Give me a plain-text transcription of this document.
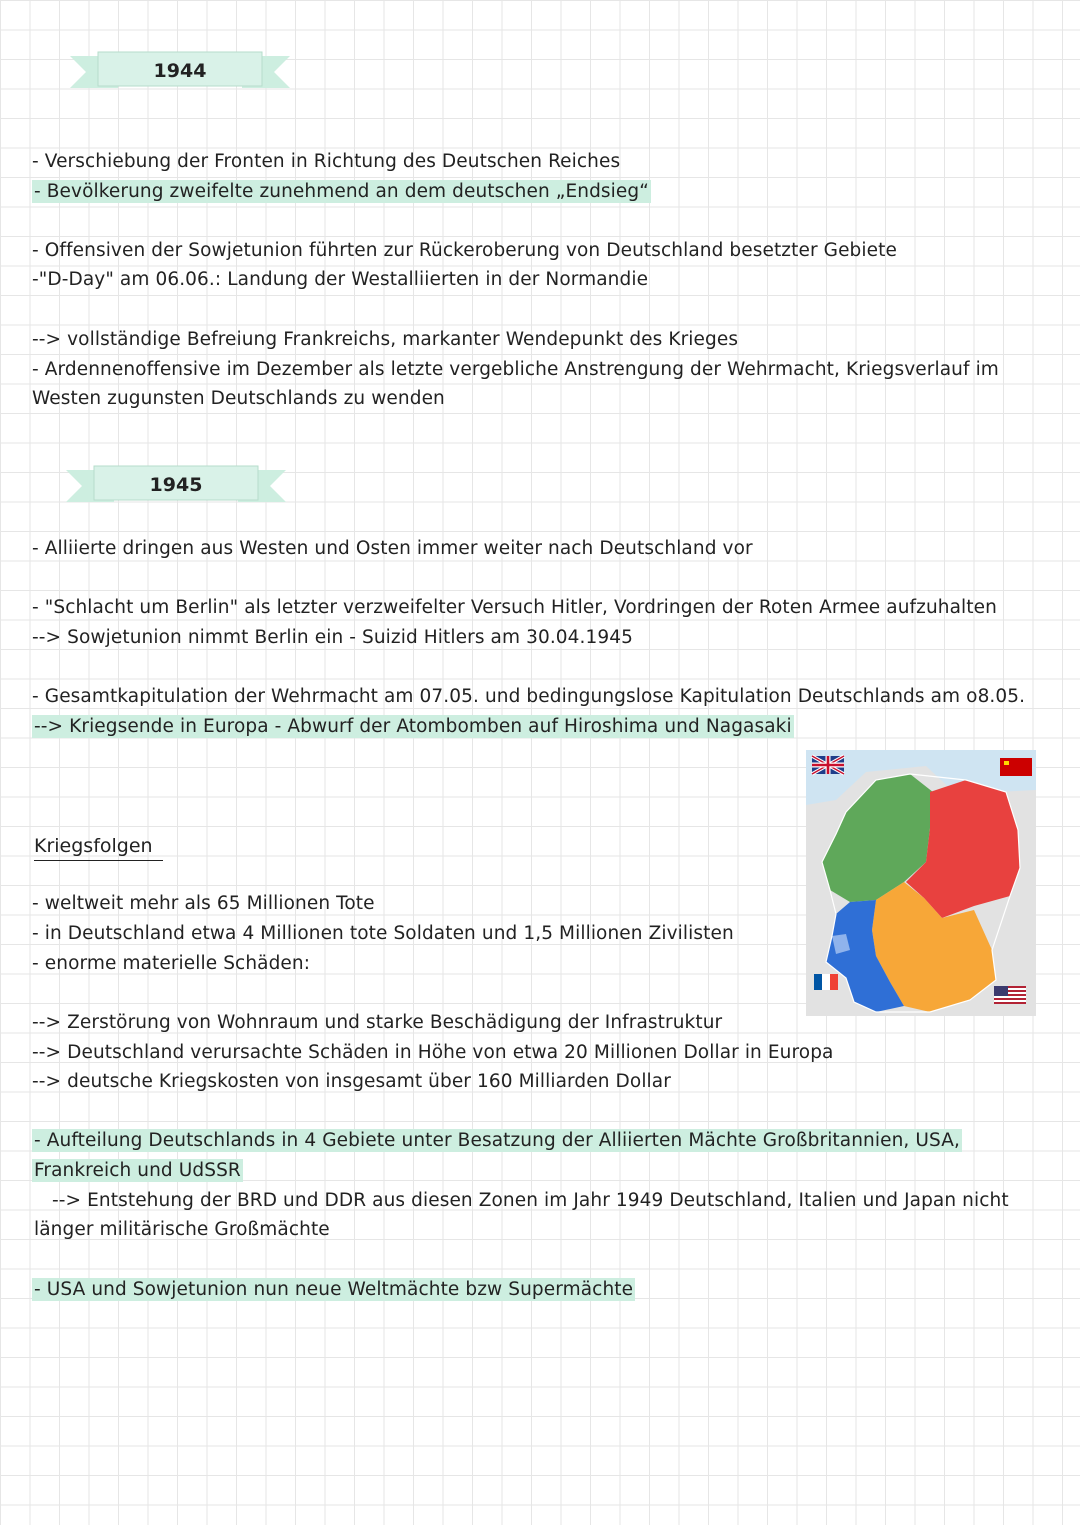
1944
- Verschiebung der Fronten in Richtung des Deutschen Reiches
- Bevölkerung zweifelte zunehmend an dem deutschen „Endsieg“
- Offensiven der Sowjetunion führten zur Rückeroberung von Deutschland besetzter Gebiete
-"D-Day" am 06.06.: Landung der Westalliierten in der Normandie
--> vollständige Befreiung Frankreichs, markanter Wendepunkt des Krieges
- Ardennenoffensive im Dezember als letzte vergebliche Anstrengung der Wehrmacht, Kriegsverlauf im
Westen zugunsten Deutschlands zu wenden
1945
- Alliierte dringen aus Westen und Osten immer weiter nach Deutschland vor
- "Schlacht um Berlin" als letzter verzweifelter Versuch Hitler, Vordringen der Roten Armee aufzuhalten
--> Sowjetunion nimmt Berlin ein - Suizid Hitlers am 30.04.1945
- Gesamtkapitulation der Wehrmacht am 07.05. und bedingungslose Kapitulation Deutschlands am o8.05.
--> Kriegsende in Europa - Abwurf der Atombomben auf Hiroshima und Nagasaki
Kriegsfolgen
- weltweit mehr als 65 Millionen Tote
- in Deutschland etwa 4 Millionen tote Soldaten und 1,5 Millionen Zivilisten
- enorme materielle Schäden:
--> Zerstörung von Wohnraum und starke Beschädigung der Infrastruktur
--> Deutschland verursachte Schäden in Höhe von etwa 20 Millionen Dollar in Europa
--> deutsche Kriegskosten von insgesamt über 160 Milliarden Dollar
- Aufteilung Deutschlands in 4 Gebiete unter Besatzung der Alliierten Mächte Großbritannien, USA,
Frankreich und UdSSR
--> Entstehung der BRD und DDR aus diesen Zonen im Jahr 1949 Deutschland, Italien und Japan nicht
länger militärische Großmächte
- USA und Sowjetunion nun neue Weltmächte bzw Supermächte
